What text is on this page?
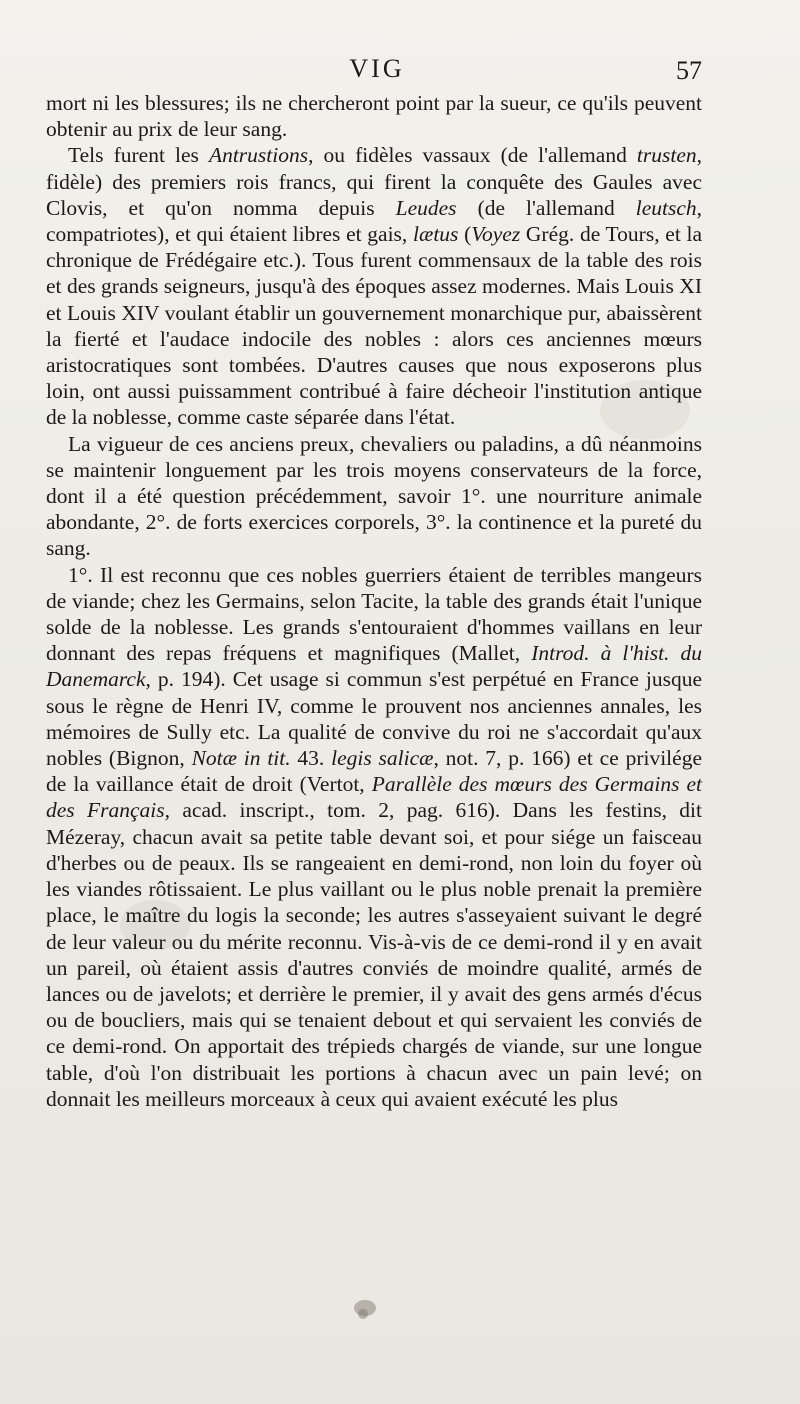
VIG	57

mort ni les blessures; ils ne chercheront point par la sueur, ce qu'ils peuvent obtenir au prix de leur sang.

Tels furent les Antrustions, ou fidèles vassaux (de l'allemand trusten, fidèle) des premiers rois francs, qui firent la conquête des Gaules avec Clovis, et qu'on nomma depuis Leudes (de l'allemand leutsch, compatriotes), et qui étaient libres et gais, lætus (Voyez Grég. de Tours, et la chronique de Frédégaire etc.). Tous furent commensaux de la table des rois et des grands seigneurs, jusqu'à des époques assez modernes. Mais Louis XI et Louis XIV voulant établir un gouvernement monarchique pur, abaissèrent la fierté et l'audace indocile des nobles : alors ces anciennes mœurs aristocratiques sont tombées. D'autres causes que nous exposerons plus loin, ont aussi puissamment contribué à faire décheoir l'institution antique de la noblesse, comme caste séparée dans l'état.

La vigueur de ces anciens preux, chevaliers ou paladins, a dû néanmoins se maintenir longuement par les trois moyens conservateurs de la force, dont il a été question précédemment, savoir 1°. une nourriture animale abondante, 2°. de forts exercices corporels, 3°. la continence et la pureté du sang.

1°. Il est reconnu que ces nobles guerriers étaient de terribles mangeurs de viande; chez les Germains, selon Tacite, la table des grands était l'unique solde de la noblesse. Les grands s'entouraient d'hommes vaillans en leur donnant des repas fréquens et magnifiques (Mallet, Introd. à l'hist. du Danemarck, p. 194). Cet usage si commun s'est perpétué en France jusque sous le règne de Henri IV, comme le prouvent nos anciennes annales, les mémoires de Sully etc. La qualité de convive du roi ne s'accordait qu'aux nobles (Bignon, Notæ in tit. 43. legis salicæ, not. 7, p. 166) et ce privilége de la vaillance était de droit (Vertot, Parallèle des mœurs des Germains et des Français, acad. inscript., tom. 2, pag. 616). Dans les festins, dit Mézeray, chacun avait sa petite table devant soi, et pour siége un faisceau d'herbes ou de peaux. Ils se rangeaient en demi-rond, non loin du foyer où les viandes rôtissaient. Le plus vaillant ou le plus noble prenait la première place, le maître du logis la seconde; les autres s'asseyaient suivant le degré de leur valeur ou du mérite reconnu. Vis-à-vis de ce demi-rond il y en avait un pareil, où étaient assis d'autres conviés de moindre qualité, armés de lances ou de javelots; et derrière le premier, il y avait des gens armés d'écus ou de boucliers, mais qui se tenaient debout et qui servaient les conviés de ce demi-rond. On apportait des trépieds chargés de viande, sur une longue table, d'où l'on distribuait les portions à chacun avec un pain levé; on donnait les meilleurs morceaux à ceux qui avaient exécuté les plus
